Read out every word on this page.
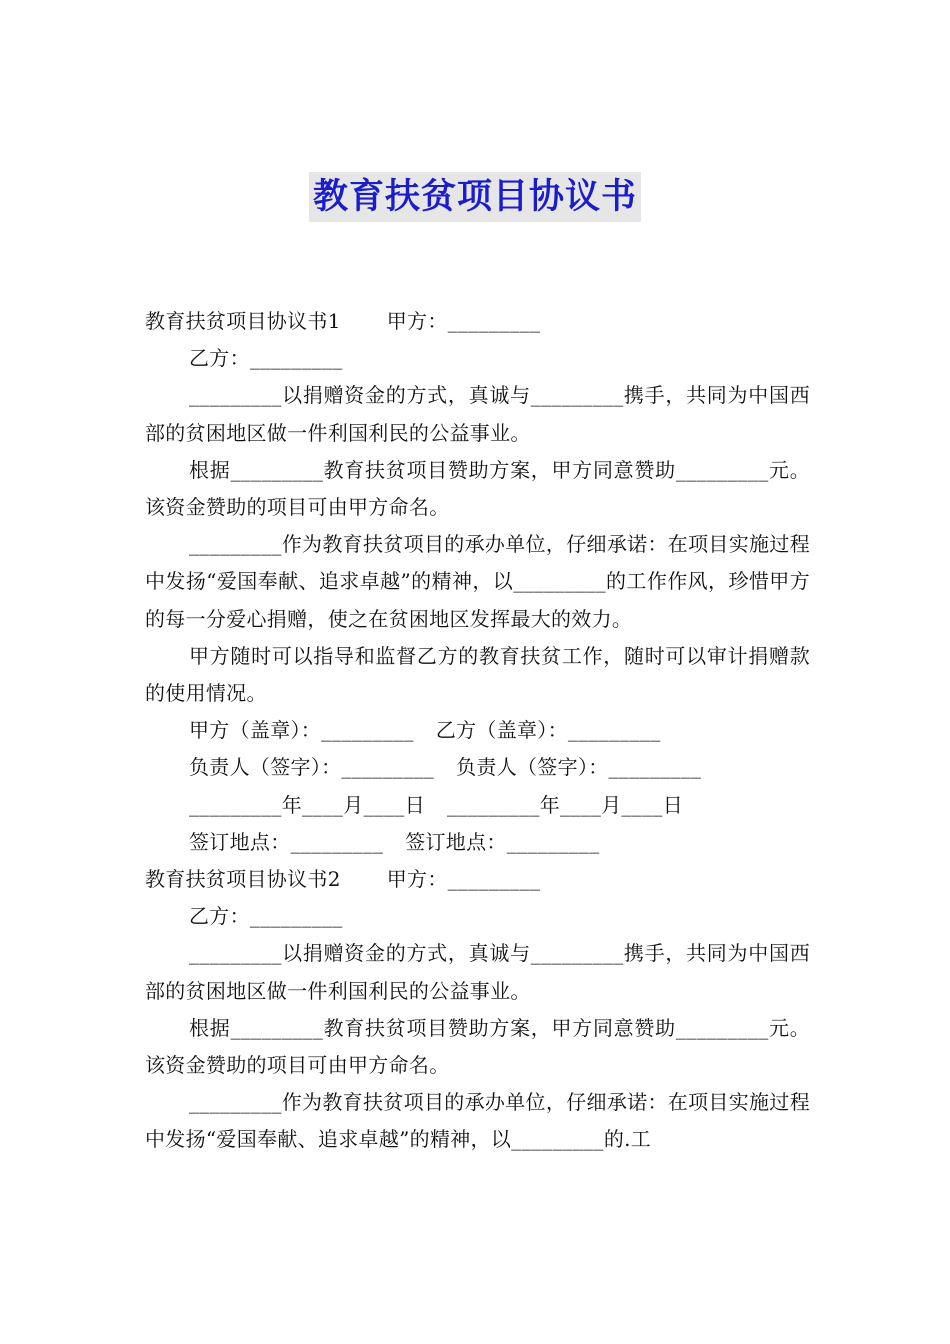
教育扶贫项目协议书
教育扶贫项目协议书1 甲方：_________
乙方：_________
_________以捐赠资金的方式，真诚与_________携手，共同为中国西部的贫困地区做一件利国利民的公益事业。
根据_________教育扶贫项目赞助方案，甲方同意赞助_________元。该资金赞助的项目可由甲方命名。
_________作为教育扶贫项目的承办单位，仔细承诺：在项目实施过程中发扬“爱国奉献、追求卓越”的精神，以_________的工作作风，珍惜甲方的每一分爱心捐赠，使之在贫困地区发挥最大的效力。
甲方随时可以指导和监督乙方的教育扶贫工作，随时可以审计捐赠款的使用情况。
甲方（盖章）：_________ 乙方（盖章）：_________
负责人（签字）：_________ 负责人（签字）：_________
_________年____月____日 _________年____月____日
签订地点：_________ 签订地点：_________
教育扶贫项目协议书2 甲方：_________
乙方：_________
_________以捐赠资金的方式，真诚与_________携手，共同为中国西部的贫困地区做一件利国利民的公益事业。
根据_________教育扶贫项目赞助方案，甲方同意赞助_________元。该资金赞助的项目可由甲方命名。
_________作为教育扶贫项目的承办单位，仔细承诺：在项目实施过程中发扬“爱国奉献、追求卓越”的精神，以_________的.工
